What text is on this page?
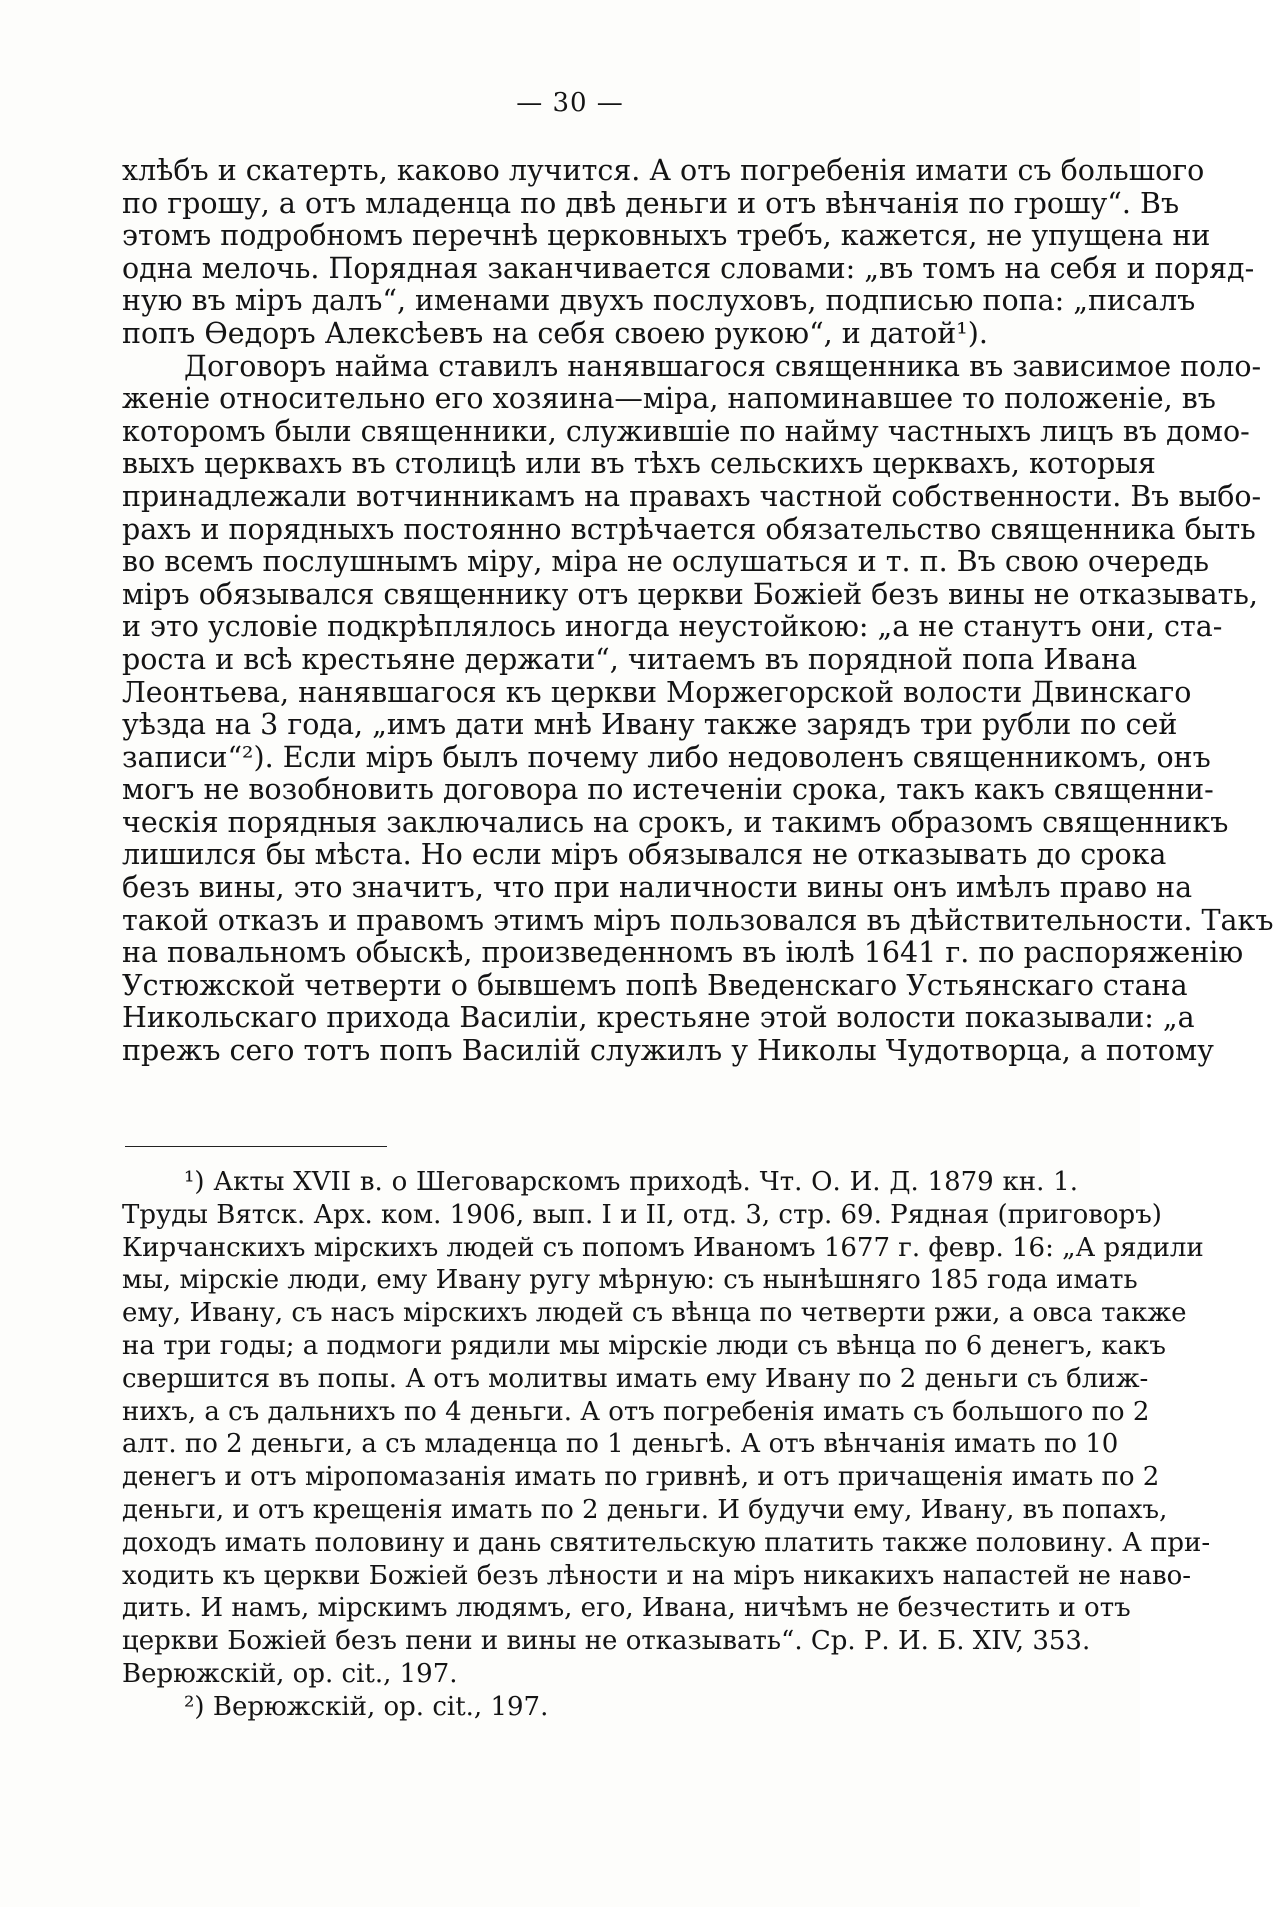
— 30 —
хлѣбъ и скатерть, каково лучится. А отъ погребенія имати съ большого
по грошу, а отъ младенца по двѣ деньги и отъ вѣнчанія по грошу“. Въ
этомъ подробномъ перечнѣ церковныхъ требъ, кажется, не упущена ни
одна мелочь. Порядная заканчивается словами: „въ томъ на себя и поряд-
ную въ міръ далъ“, именами двухъ послуховъ, подписью попа: „писалъ
попъ Ѳедоръ Алексѣевъ на себя своею рукою“, и датой¹).
Договоръ найма ставилъ нанявшагося священника въ зависимое поло-
женіе относительно его хозяина—міра, напоминавшее то положеніе, въ
которомъ были священники, служившіе по найму частныхъ лицъ въ домо-
выхъ церквахъ въ столицѣ или въ тѣхъ сельскихъ церквахъ, которыя
принадлежали вотчинникамъ на правахъ частной собственности. Въ выбо-
рахъ и порядныхъ постоянно встрѣчается обязательство священника быть
во всемъ послушнымъ міру, міра не ослушаться и т. п. Въ свою очередь
міръ обязывался священнику отъ церкви Божіей безъ вины не отказывать,
и это условіе подкрѣплялось иногда неустойкою: „а не станутъ они, ста-
роста и всѣ крестьяне держати“, читаемъ въ порядной попа Ивана
Леонтьева, нанявшагося къ церкви Моржегорской волости Двинскаго
уѣзда на 3 года, „имъ дати мнѣ Ивану также зарядъ три рубли по сей
записи“²). Если міръ былъ почему либо недоволенъ священникомъ, онъ
могъ не возобновить договора по истеченіи срока, такъ какъ священни-
ческія порядныя заключались на срокъ, и такимъ образомъ священникъ
лишился бы мѣста. Но если міръ обязывался не отказывать до срока
безъ вины, это значитъ, что при наличности вины онъ имѣлъ право на
такой отказъ и правомъ этимъ міръ пользовался въ дѣйствительности. Такъ
на повальномъ обыскѣ, произведенномъ въ іюлѣ 1641 г. по распоряженію
Устюжской четверти о бывшемъ попѣ Введенскаго Устьянскаго стана
Никольскаго прихода Василіи, крестьяне этой волости показывали: „а
прежъ сего тотъ попъ Василій служилъ у Николы Чудотворца, а потому
¹) Акты XVII в. о Шеговарскомъ приходѣ. Чт. О. И. Д. 1879 кн. 1.
Труды Вятск. Арх. ком. 1906, вып. I и II, отд. 3, стр. 69. Рядная (приговоръ)
Кирчанскихъ мірскихъ людей съ попомъ Иваномъ 1677 г. февр. 16: „А рядили
мы, мірскіе люди, ему Ивану ругу мѣрную: съ нынѣшняго 185 года имать
ему, Ивану, съ насъ мірскихъ людей съ вѣнца по четверти ржи, а овса также
на три годы; а подмоги рядили мы мірскіе люди съ вѣнца по 6 денегъ, какъ
свершится въ попы. А отъ молитвы имать ему Ивану по 2 деньги съ ближ-
нихъ, а съ дальнихъ по 4 деньги. А отъ погребенія имать съ большого по 2
алт. по 2 деньги, а съ младенца по 1 деньгѣ. А отъ вѣнчанія имать по 10
денегъ и отъ міропомазанія имать по гривнѣ, и отъ причащенія имать по 2
деньги, и отъ крещенія имать по 2 деньги. И будучи ему, Ивану, въ попахъ,
доходъ имать половину и дань святительскую платить также половину. А при-
ходить къ церкви Божіей безъ лѣности и на міръ никакихъ напастей не наво-
дить. И намъ, мірскимъ людямъ, его, Ивана, ничѣмъ не безчестить и отъ
церкви Божіей безъ пени и вины не отказывать“. Ср. Р. И. Б. XIV, 353.
Верюжскій, op. cit., 197.
²) Верюжскій, op. cit., 197.
